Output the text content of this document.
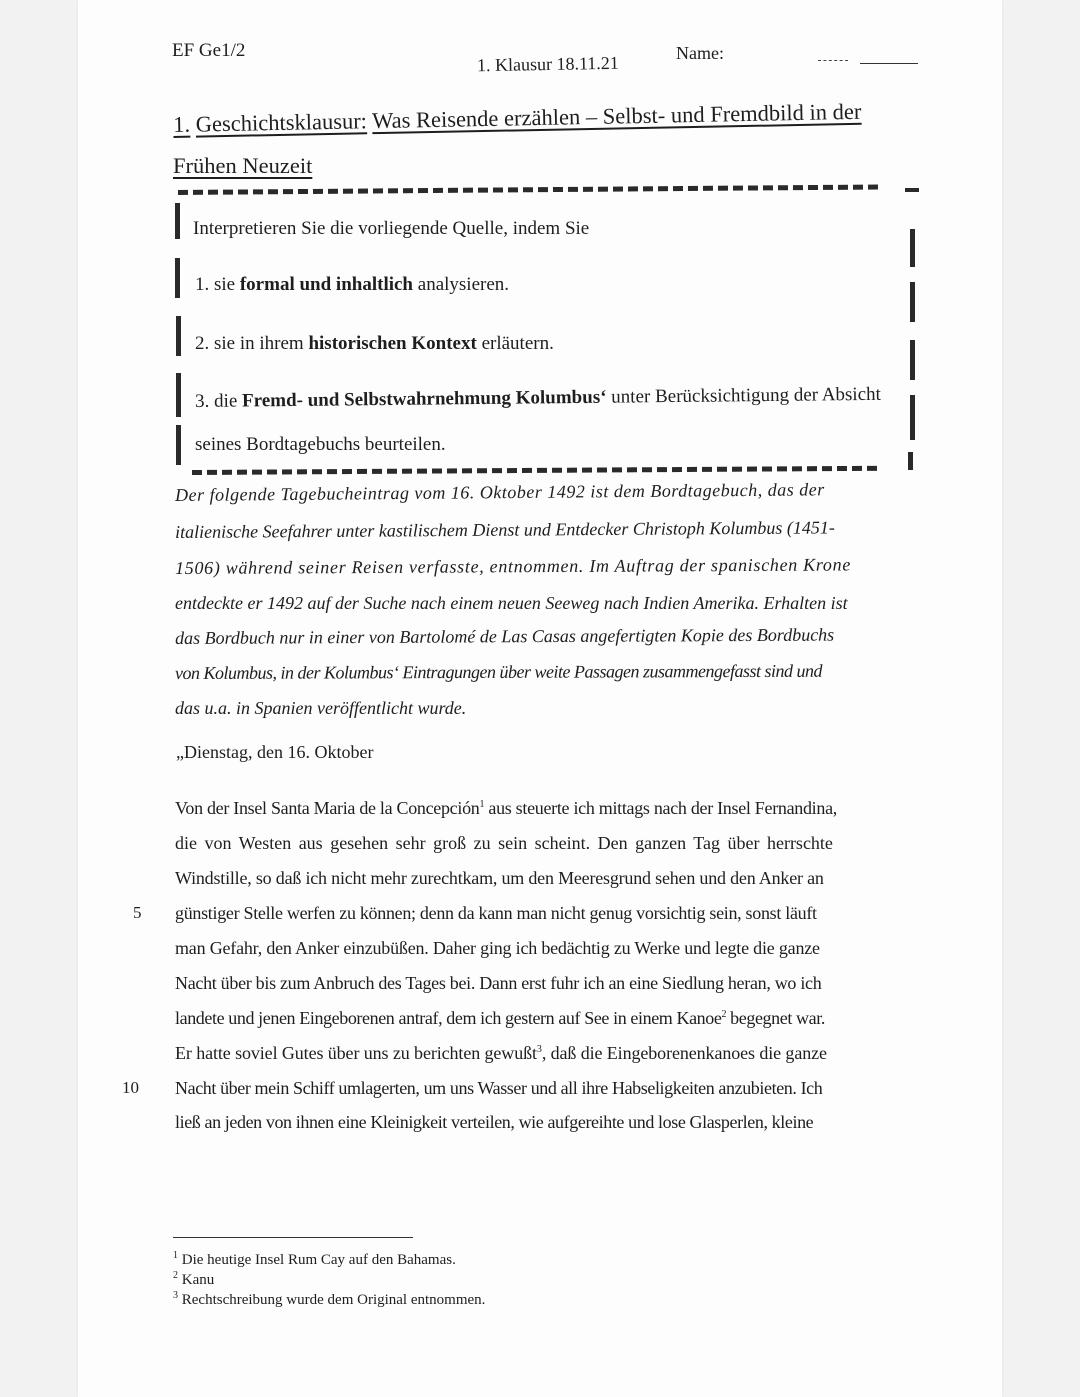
EF Ge1/2
1. Klausur 18.11.21	Name:
1. Geschichtsklausur: Was Reisende erzählen – Selbst- und Fremdbild in der
Frühen Neuzeit
Interpretieren Sie die vorliegende Quelle, indem Sie
1. sie formal und inhaltlich analysieren.
2. sie in ihrem historischen Kontext erläutern.
3. die Fremd- und Selbstwahrnehmung Kolumbus‘ unter Berücksichtigung der Absicht
seines Bordtagebuchs beurteilen.
Der folgende Tagebucheintrag vom 16. Oktober 1492 ist dem Bordtagebuch, das der
italienische Seefahrer unter kastilischem Dienst und Entdecker Christoph Kolumbus (1451-
1506) während seiner Reisen verfasste, entnommen. Im Auftrag der spanischen Krone
entdeckte er 1492 auf der Suche nach einem neuen Seeweg nach Indien Amerika. Erhalten ist
das Bordbuch nur in einer von Bartolomé de Las Casas angefertigten Kopie des Bordbuchs
von Kolumbus, in der Kolumbus‘ Eintragungen über weite Passagen zusammengefasst sind und
das u.a. in Spanien veröffentlicht wurde.
„Dienstag, den 16. Oktober
Von der Insel Santa Maria de la Concepción$^1$ aus steuerte ich mittags nach der Insel Fernandina,
die von Westen aus gesehen sehr groß zu sein scheint. Den ganzen Tag über herrschte
Windstille, so daß ich nicht mehr zurechtkam, um den Meeresgrund sehen und den Anker an
günstiger Stelle werfen zu können; denn da kann man nicht genug vorsichtig sein, sonst läuft
man Gefahr, den Anker einzubüßen. Daher ging ich bedächtig zu Werke und legte die ganze
Nacht über bis zum Anbruch des Tages bei. Dann erst fuhr ich an eine Siedlung heran, wo ich
landete und jenen Eingeborenen antraf, dem ich gestern auf See in einem Kanoe$^2$ begegnet war.
Er hatte soviel Gutes über uns zu berichten gewußt$^3$, daß die Eingeborenenkanoes die ganze
Nacht über mein Schiff umlagerten, um uns Wasser und all ihre Habseligkeiten anzubieten. Ich
ließ an jeden von ihnen eine Kleinigkeit verteilen, wie aufgereihte und lose Glasperlen, kleine
5
10
$^1$ Die heutige Insel Rum Cay auf den Bahamas.
$^2$ Kanu
$^3$ Rechtschreibung wurde dem Original entnommen.
